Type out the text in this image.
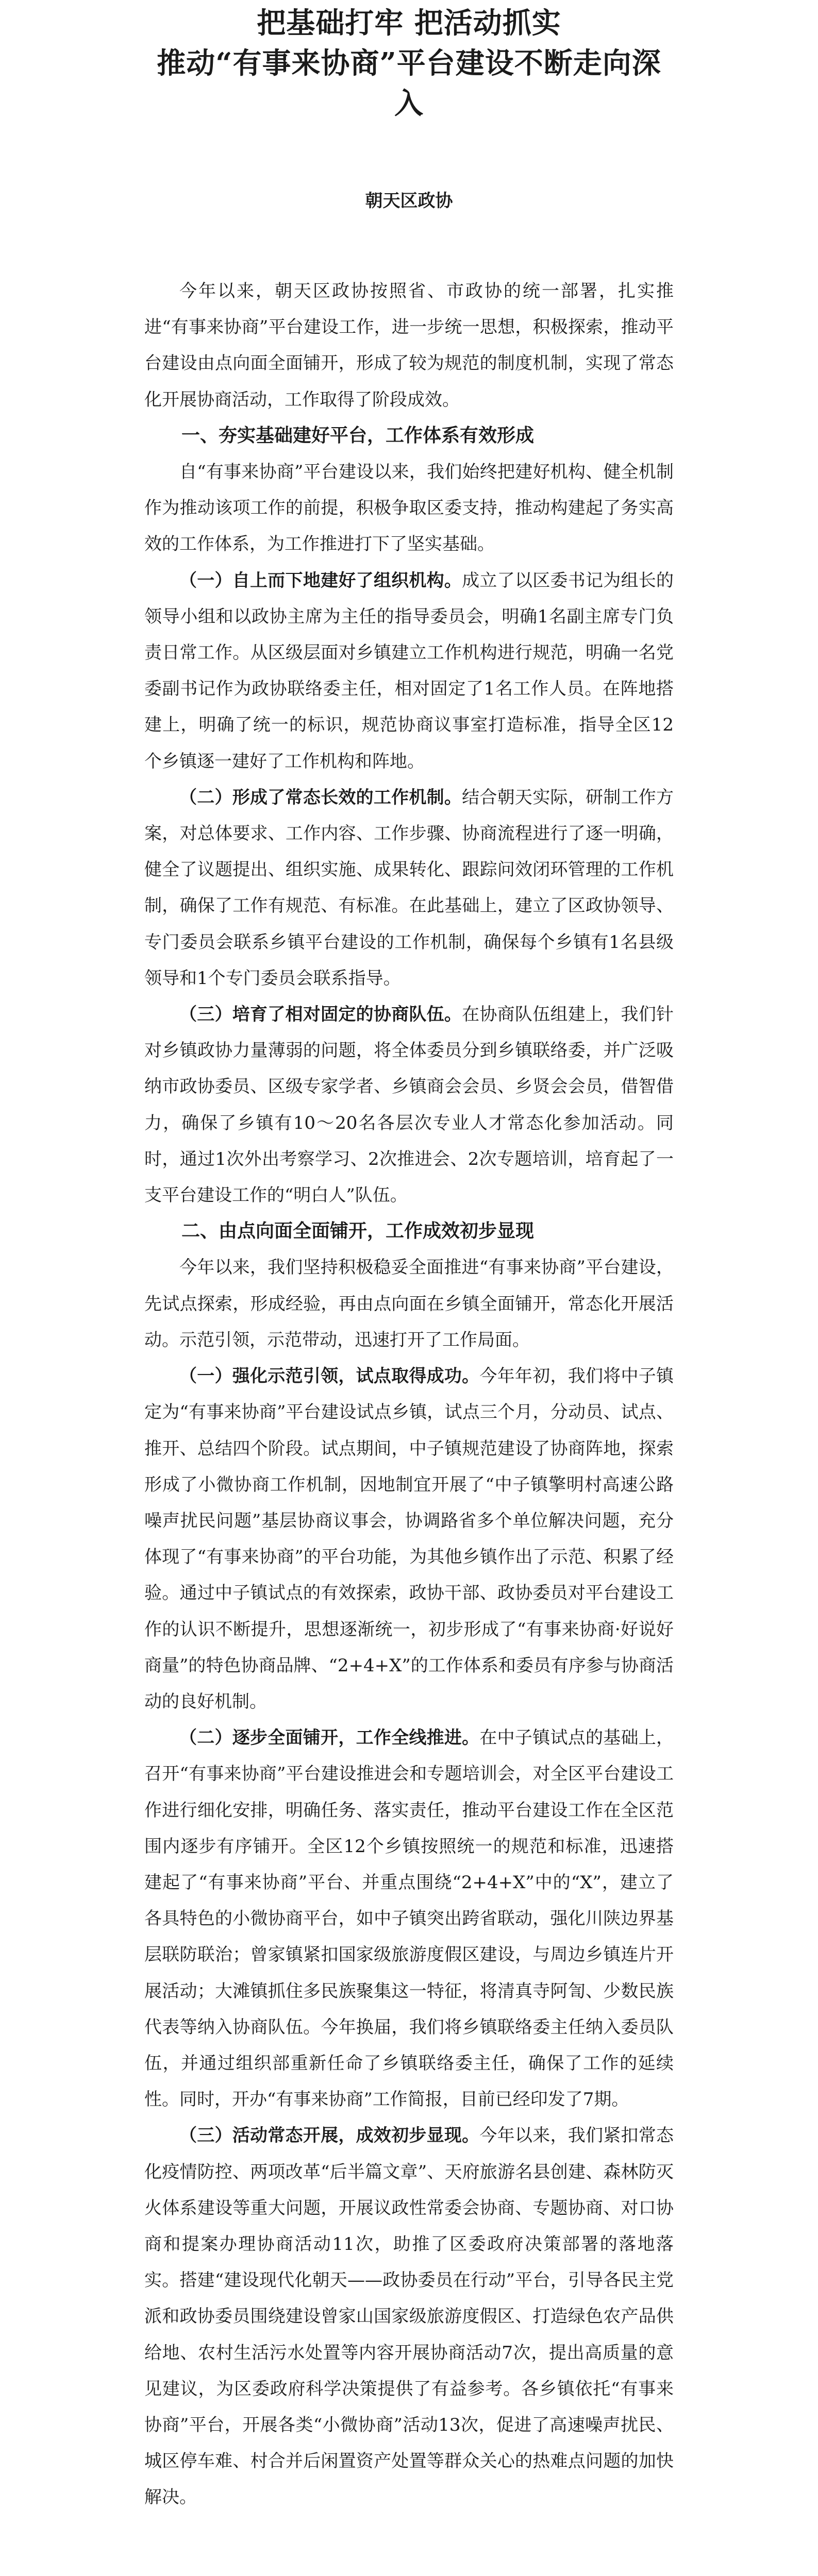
把基础打牢 把活动抓实
推动“有事来协商”平台建设不断走向深入
朝天区政协

今年以来，朝天区政协按照省、市政协的统一部署，扎实推进“有事来协商”平台建设工作，进一步统一思想，积极探索，推动平台建设由点向面全面铺开，形成了较为规范的制度机制，实现了常态化开展协商活动，工作取得了阶段成效。

一、夯实基础建好平台，工作体系有效形成

自“有事来协商”平台建设以来，我们始终把建好机构、健全机制作为推动该项工作的前提，积极争取区委支持，推动构建起了务实高效的工作体系，为工作推进打下了坚实基础。

（一）自上而下地建好了组织机构。成立了以区委书记为组长的领导小组和以政协主席为主任的指导委员会，明确1名副主席专门负责日常工作。从区级层面对乡镇建立工作机构进行规范，明确一名党委副书记作为政协联络委主任，相对固定了1名工作人员。在阵地搭建上，明确了统一的标识，规范协商议事室打造标准，指导全区12个乡镇逐一建好了工作机构和阵地。

（二）形成了常态长效的工作机制。结合朝天实际，研制工作方案，对总体要求、工作内容、工作步骤、协商流程进行了逐一明确，健全了议题提出、组织实施、成果转化、跟踪问效闭环管理的工作机制，确保了工作有规范、有标准。在此基础上，建立了区政协领导、专门委员会联系乡镇平台建设的工作机制，确保每个乡镇有1名县级领导和1个专门委员会联系指导。

（三）培育了相对固定的协商队伍。在协商队伍组建上，我们针对乡镇政协力量薄弱的问题，将全体委员分到乡镇联络委，并广泛吸纳市政协委员、区级专家学者、乡镇商会会员、乡贤会会员，借智借力，确保了乡镇有10～20名各层次专业人才常态化参加活动。同时，通过1次外出考察学习、2次推进会、2次专题培训，培育起了一支平台建设工作的“明白人”队伍。

二、由点向面全面铺开，工作成效初步显现

今年以来，我们坚持积极稳妥全面推进“有事来协商”平台建设，先试点探索，形成经验，再由点向面在乡镇全面铺开，常态化开展活动。示范引领，示范带动，迅速打开了工作局面。

（一）强化示范引领，试点取得成功。今年年初，我们将中子镇定为“有事来协商”平台建设试点乡镇，试点三个月，分动员、试点、推开、总结四个阶段。试点期间，中子镇规范建设了协商阵地，探索形成了小微协商工作机制，因地制宜开展了“中子镇擎明村高速公路噪声扰民问题”基层协商议事会，协调路省多个单位解决问题，充分体现了“有事来协商”的平台功能，为其他乡镇作出了示范、积累了经验。通过中子镇试点的有效探索，政协干部、政协委员对平台建设工作的认识不断提升，思想逐渐统一，初步形成了“有事来协商·好说好商量”的特色协商品牌、“2+4+X”的工作体系和委员有序参与协商活动的良好机制。

（二）逐步全面铺开，工作全线推进。在中子镇试点的基础上，召开“有事来协商”平台建设推进会和专题培训会，对全区平台建设工作进行细化安排，明确任务、落实责任，推动平台建设工作在全区范围内逐步有序铺开。全区12个乡镇按照统一的规范和标准，迅速搭建起了“有事来协商”平台、并重点围绕“2+4+X”中的“X”，建立了各具特色的小微协商平台，如中子镇突出跨省联动，强化川陕边界基层联防联治；曾家镇紧扣国家级旅游度假区建设，与周边乡镇连片开展活动；大滩镇抓住多民族聚集这一特征，将清真寺阿訇、少数民族代表等纳入协商队伍。今年换届，我们将乡镇联络委主任纳入委员队伍，并通过组织部重新任命了乡镇联络委主任，确保了工作的延续性。同时，开办“有事来协商”工作简报，目前已经印发了7期。

（三）活动常态开展，成效初步显现。今年以来，我们紧扣常态化疫情防控、两项改革“后半篇文章”、天府旅游名县创建、森林防灭火体系建设等重大问题，开展议政性常委会协商、专题协商、对口协商和提案办理协商活动11次，助推了区委政府决策部署的落地落实。搭建“建设现代化朝天——政协委员在行动”平台，引导各民主党派和政协委员围绕建设曾家山国家级旅游度假区、打造绿色农产品供给地、农村生活污水处置等内容开展协商活动7次，提出高质量的意见建议，为区委政府科学决策提供了有益参考。各乡镇依托“有事来协商”平台，开展各类“小微协商”活动13次，促进了高速噪声扰民、城区停车难、村合并后闲置资产处置等群众关心的热难点问题的加快解决。
